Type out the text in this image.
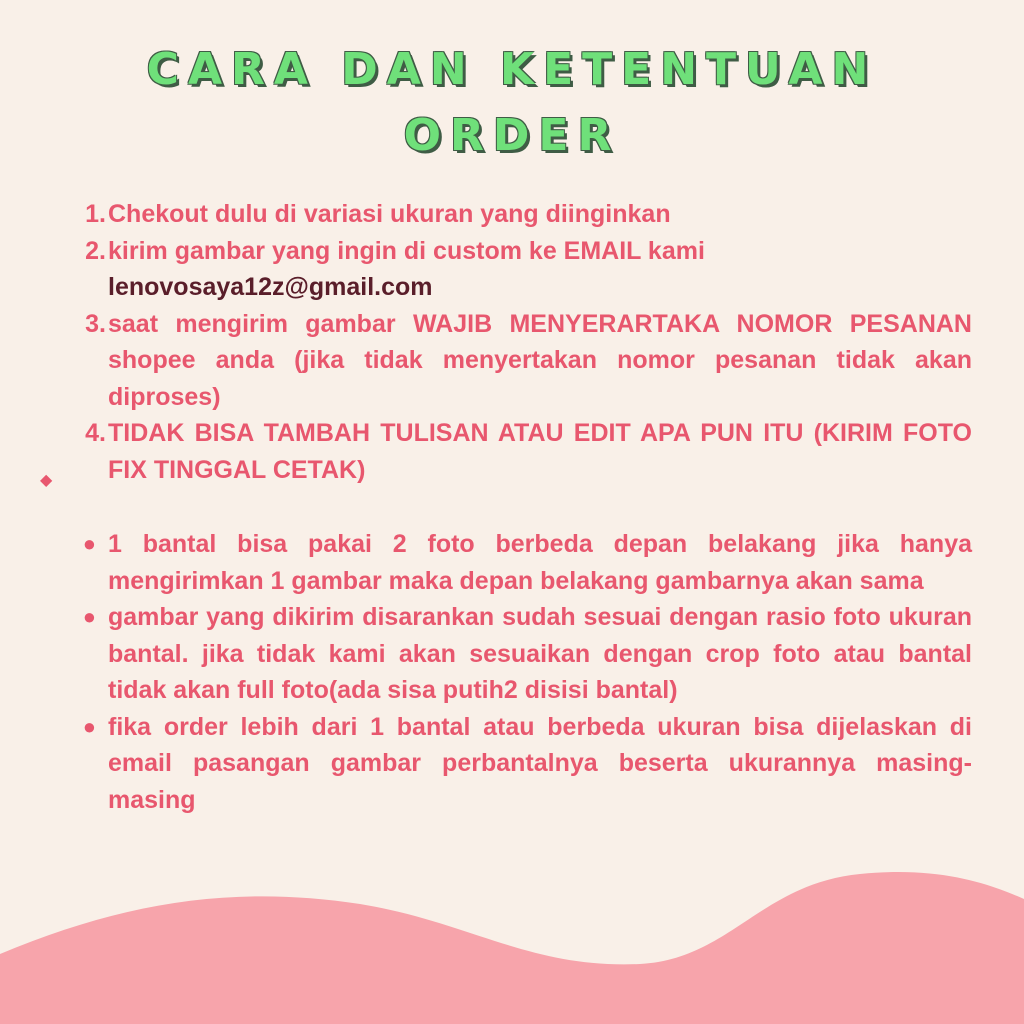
CARA DAN KETENTUAN
ORDER
1. Chekout dulu di variasi ukuran yang diinginkan
2. kirim gambar yang ingin di custom ke EMAIL kami
lenovosaya12z@gmail.com
3. saat mengirim gambar WAJIB MENYERARTAKA NOMOR PESANAN shopee anda (jika tidak menyertakan nomor pesanan tidak akan diproses)
4. TIDAK BISA TAMBAH TULISAN ATAU EDIT APA PUN ITU (KIRIM FOTO FIX TINGGAL CETAK)
● 1 bantal bisa pakai 2 foto berbeda depan belakang jika hanya mengirimkan 1 gambar maka depan belakang gambarnya akan sama
● gambar yang dikirim disarankan sudah sesuai dengan rasio foto ukuran bantal. jika tidak kami akan sesuaikan dengan crop foto atau bantal tidak akan full foto(ada sisa putih2 disisi bantal)
● fika order lebih dari 1 bantal atau berbeda ukuran bisa dijelaskan di email pasangan gambar perbantalnya beserta ukurannya masing-masing
◆
